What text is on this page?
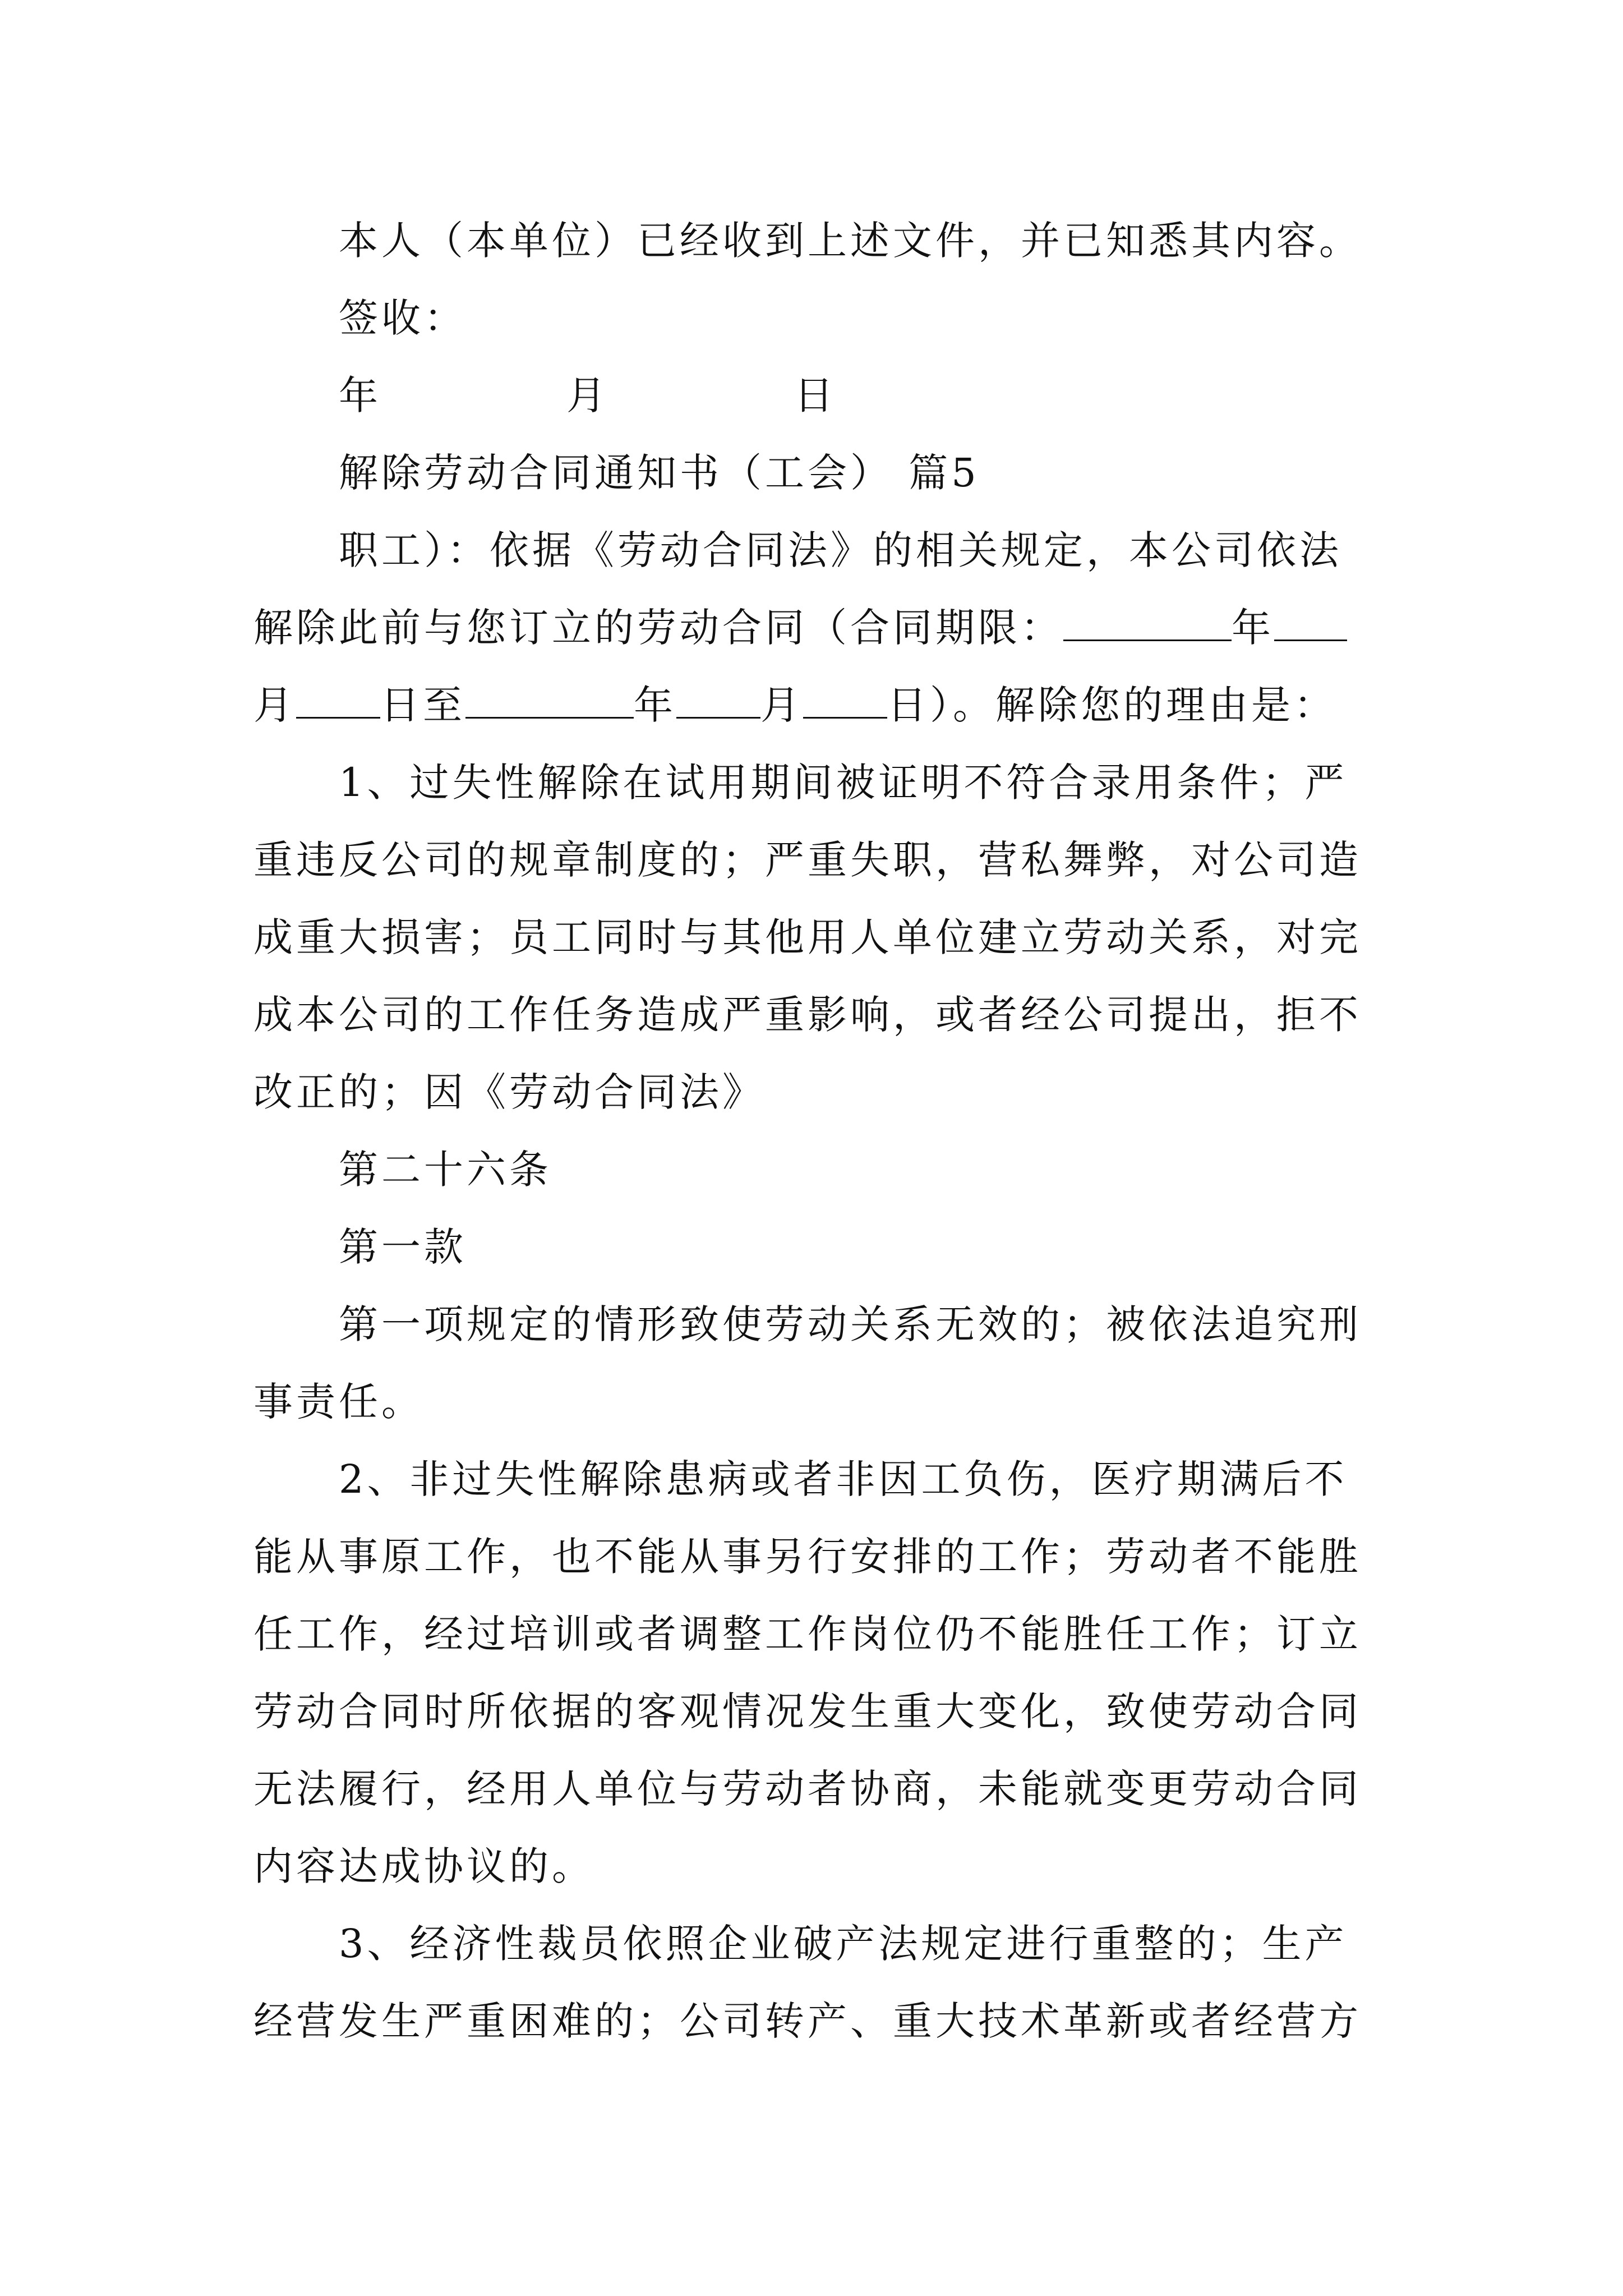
本人（本单位）已经收到上述文件，并已知悉其内容。
签收：
年	月	日
解除劳动合同通知书（工会） 篇5
职工）：依据《劳动合同法》的相关规定，本公司依法
解除此前与您订立的劳动合同（合同期限：	年
月 日至	年 月 日）。解除您的理由是：
1、过失性解除在试用期间被证明不符合录用条件；严
重违反公司的规章制度的；严重失职，营私舞弊，对公司造
成重大损害；员工同时与其他用人单位建立劳动关系，对完
成本公司的工作任务造成严重影响，或者经公司提出，拒不
改正的；因《劳动合同法》
第二十六条
第一款
第一项规定的情形致使劳动关系无效的；被依法追究刑
事责任。
2、非过失性解除患病或者非因工负伤，医疗期满后不
能从事原工作，也不能从事另行安排的工作；劳动者不能胜
任工作，经过培训或者调整工作岗位仍不能胜任工作；订立
劳动合同时所依据的客观情况发生重大变化，致使劳动合同
无法履行，经用人单位与劳动者协商，未能就变更劳动合同
内容达成协议的。
3、经济性裁员依照企业破产法规定进行重整的；生产
经营发生严重困难的；公司转产、重大技术革新或者经营方
